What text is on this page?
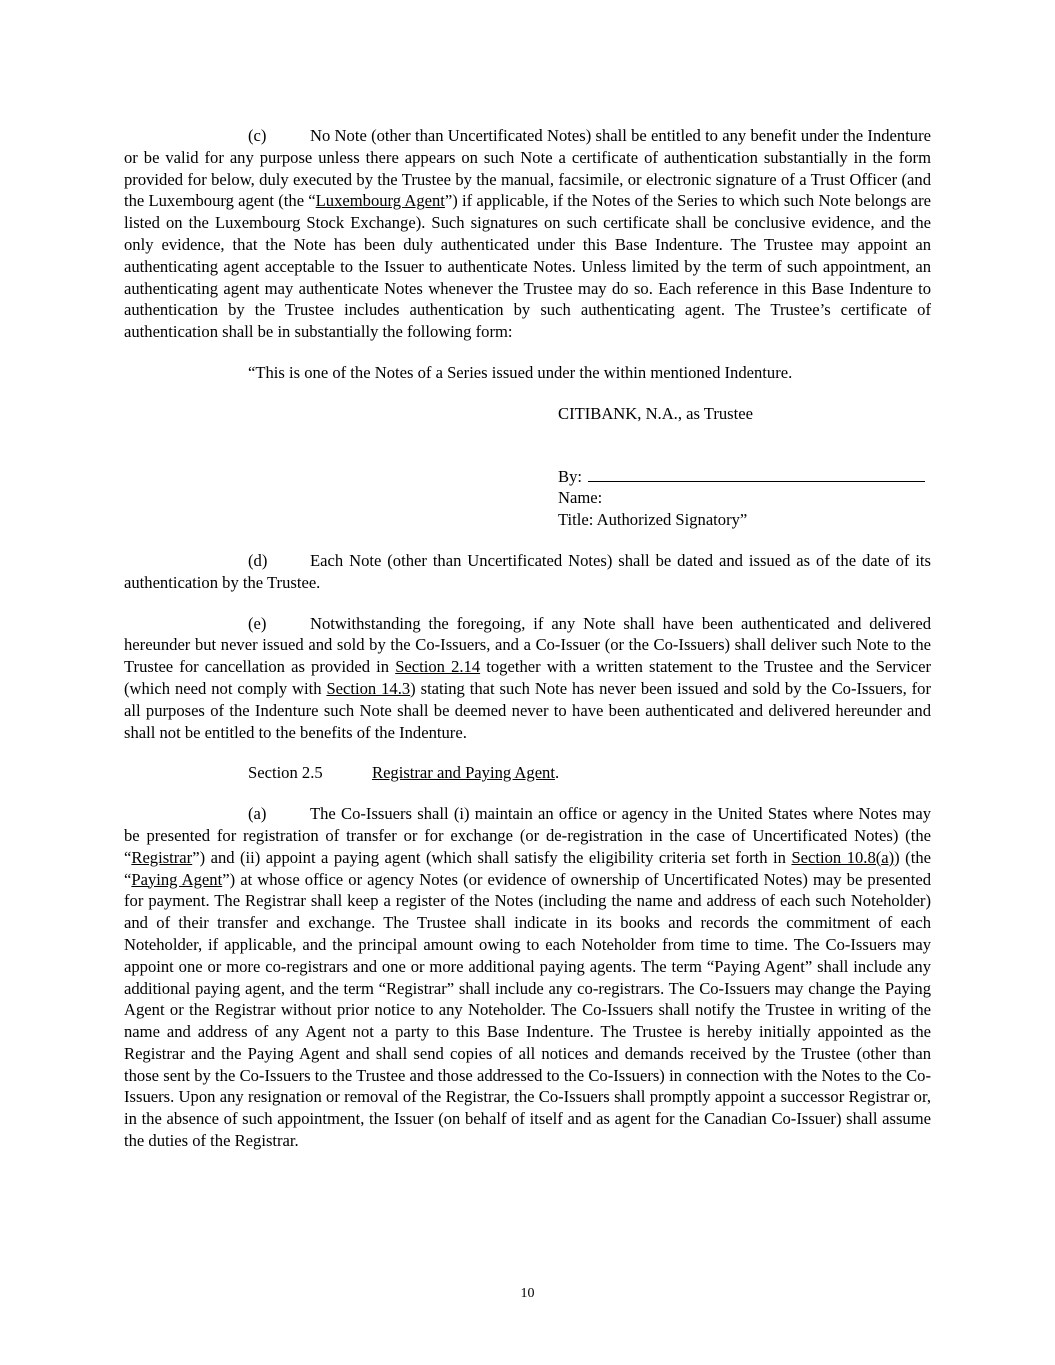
(c)	No Note (other than Uncertificated Notes) shall be entitled to any benefit under the Indenture or be valid for any purpose unless there appears on such Note a certificate of authentication substantially in the form provided for below, duly executed by the Trustee by the manual, facsimile, or electronic signature of a Trust Officer (and the Luxembourg agent (the “Luxembourg Agent”) if applicable, if the Notes of the Series to which such Note belongs are listed on the Luxembourg Stock Exchange). Such signatures on such certificate shall be conclusive evidence, and the only evidence, that the Note has been duly authenticated under this Base Indenture. The Trustee may appoint an authenticating agent acceptable to the Issuer to authenticate Notes. Unless limited by the term of such appointment, an authenticating agent may authenticate Notes whenever the Trustee may do so. Each reference in this Base Indenture to authentication by the Trustee includes authentication by such authenticating agent. The Trustee’s certificate of authentication shall be in substantially the following form:

“This is one of the Notes of a Series issued under the within mentioned Indenture.

CITIBANK, N.A., as Trustee
By:
Name:
Title: Authorized Signatory”

(d)	Each Note (other than Uncertificated Notes) shall be dated and issued as of the date of its authentication by the Trustee.

(e)	Notwithstanding the foregoing, if any Note shall have been authenticated and delivered hereunder but never issued and sold by the Co-Issuers, and a Co-Issuer (or the Co-Issuers) shall deliver such Note to the Trustee for cancellation as provided in Section 2.14 together with a written statement to the Trustee and the Servicer (which need not comply with Section 14.3) stating that such Note has never been issued and sold by the Co-Issuers, for all purposes of the Indenture such Note shall be deemed never to have been authenticated and delivered hereunder and shall not be entitled to the benefits of the Indenture.

Section 2.5	Registrar and Paying Agent.

(a)	The Co-Issuers shall (i) maintain an office or agency in the United States where Notes may be presented for registration of transfer or for exchange (or de-registration in the case of Uncertificated Notes) (the “Registrar”) and (ii) appoint a paying agent (which shall satisfy the eligibility criteria set forth in Section 10.8(a)) (the “Paying Agent”) at whose office or agency Notes (or evidence of ownership of Uncertificated Notes) may be presented for payment. The Registrar shall keep a register of the Notes (including the name and address of each such Noteholder) and of their transfer and exchange. The Trustee shall indicate in its books and records the commitment of each Noteholder, if applicable, and the principal amount owing to each Noteholder from time to time. The Co-Issuers may appoint one or more co-registrars and one or more additional paying agents. The term “Paying Agent” shall include any additional paying agent, and the term “Registrar” shall include any co-registrars. The Co-Issuers may change the Paying Agent or the Registrar without prior notice to any Noteholder. The Co-Issuers shall notify the Trustee in writing of the name and address of any Agent not a party to this Base Indenture. The Trustee is hereby initially appointed as the Registrar and the Paying Agent and shall send copies of all notices and demands received by the Trustee (other than those sent by the Co-Issuers to the Trustee and those addressed to the Co-Issuers) in connection with the Notes to the Co-Issuers. Upon any resignation or removal of the Registrar, the Co-Issuers shall promptly appoint a successor Registrar or, in the absence of such appointment, the Issuer (on behalf of itself and as agent for the Canadian Co-Issuer) shall assume the duties of the Registrar.

10
